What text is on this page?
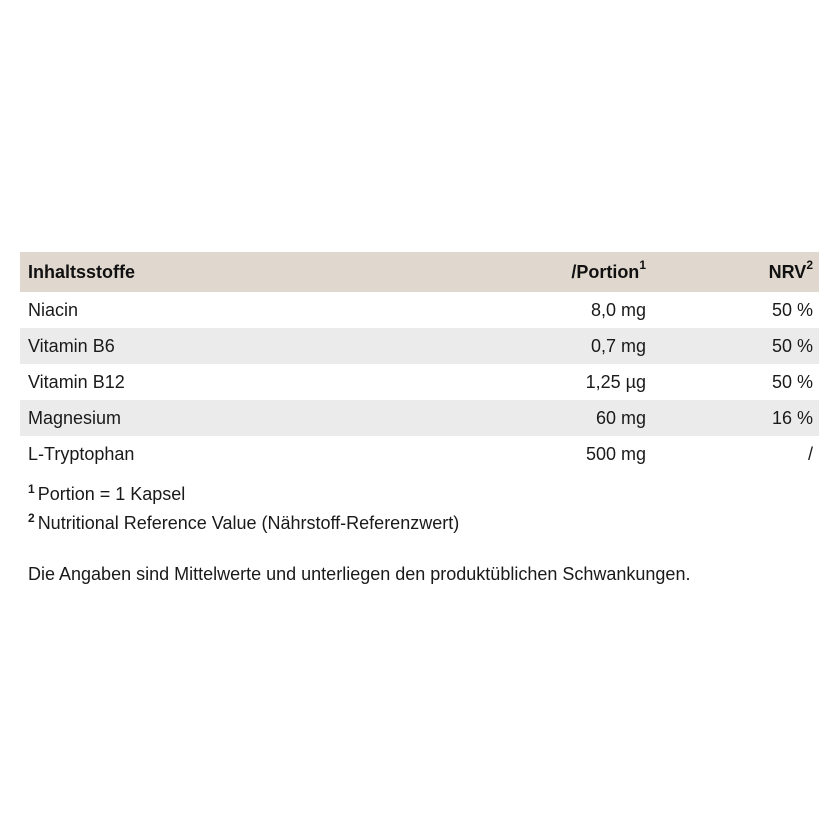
Inhaltsstoffe	/Portion$^1$	NRV$^2$
Niacin	8,0 mg	50 %
Vitamin B6	0,7 mg	50 %
Vitamin B12	1,25 µg	50 %
Magnesium	60 mg	16 %
L-Tryptophan	500 mg	/
$^1$ Portion = 1 Kapsel
$^2$ Nutritional Reference Value (Nährstoff-Referenzwert)

Die Angaben sind Mittelwerte und unterliegen den produktüblichen Schwankungen.
